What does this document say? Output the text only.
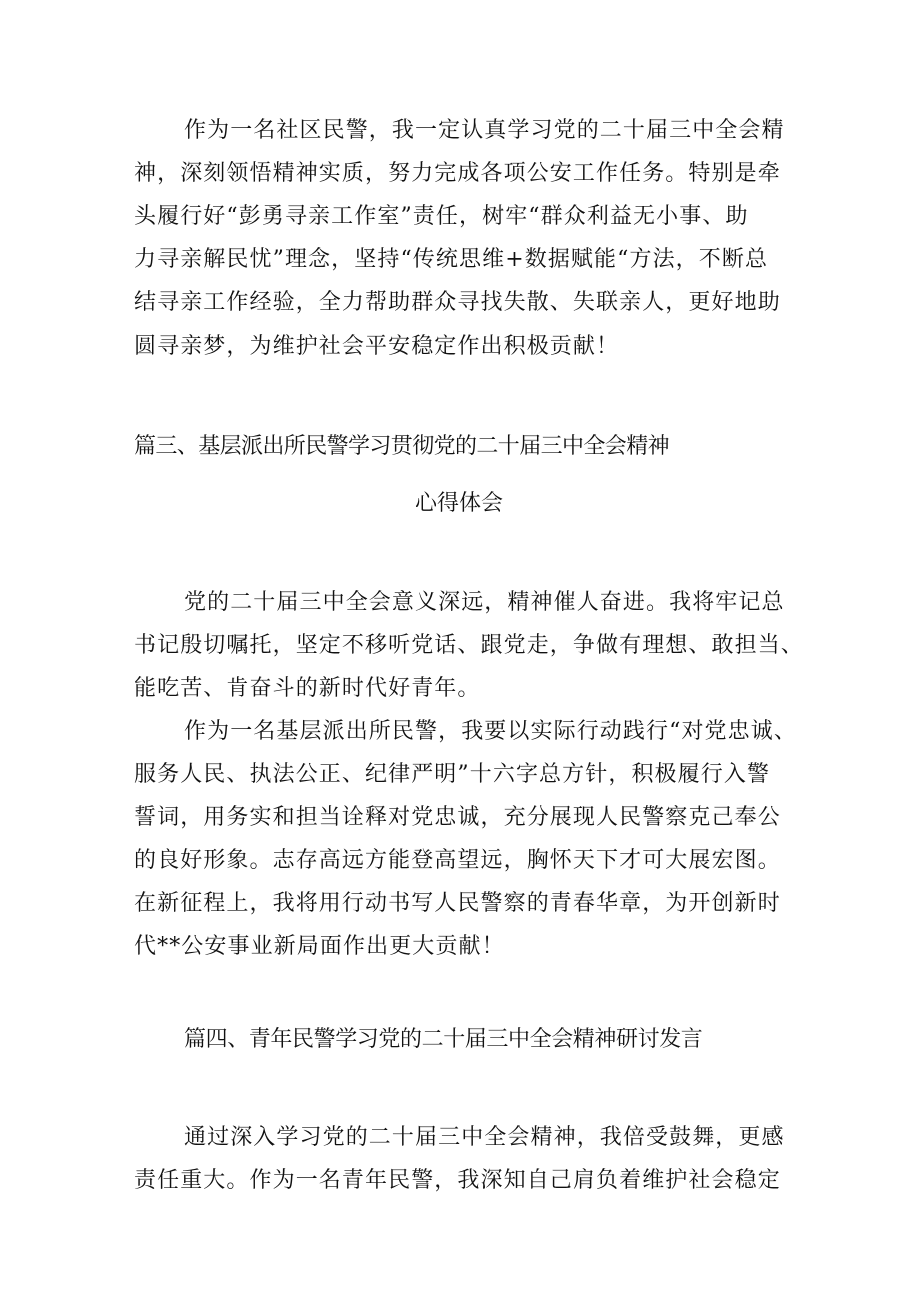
作为一名社区民警，我一定认真学习党的二十届三中全会精
神，深刻领悟精神实质，努力完成各项公安工作任务。特别是牵
头履行好“彭勇寻亲工作室”责任，树牢“群众利益无小事、助
力寻亲解民忧”理念，坚持“传统思维+数据赋能“方法，不断总
结寻亲工作经验，全力帮助群众寻找失散、失联亲人，更好地助
圆寻亲梦，为维护社会平安稳定作出积极贡献！
篇三、基层派出所民警学习贯彻党的二十届三中全会精神
心得体会
党的二十届三中全会意义深远，精神催人奋进。我将牢记总
书记殷切嘱托，坚定不移听党话、跟党走，争做有理想、敢担当、
能吃苦、肯奋斗的新时代好青年。
作为一名基层派出所民警，我要以实际行动践行“对党忠诚、
服务人民、执法公正、纪律严明”十六字总方针，积极履行入警
誓词，用务实和担当诠释对党忠诚，充分展现人民警察克己奉公
的良好形象。志存高远方能登高望远，胸怀天下才可大展宏图。
在新征程上，我将用行动书写人民警察的青春华章，为开创新时
代**公安事业新局面作出更大贡献！
篇四、青年民警学习党的二十届三中全会精神研讨发言
通过深入学习党的二十届三中全会精神，我倍受鼓舞，更感
责任重大。作为一名青年民警，我深知自己肩负着维护社会稳定
